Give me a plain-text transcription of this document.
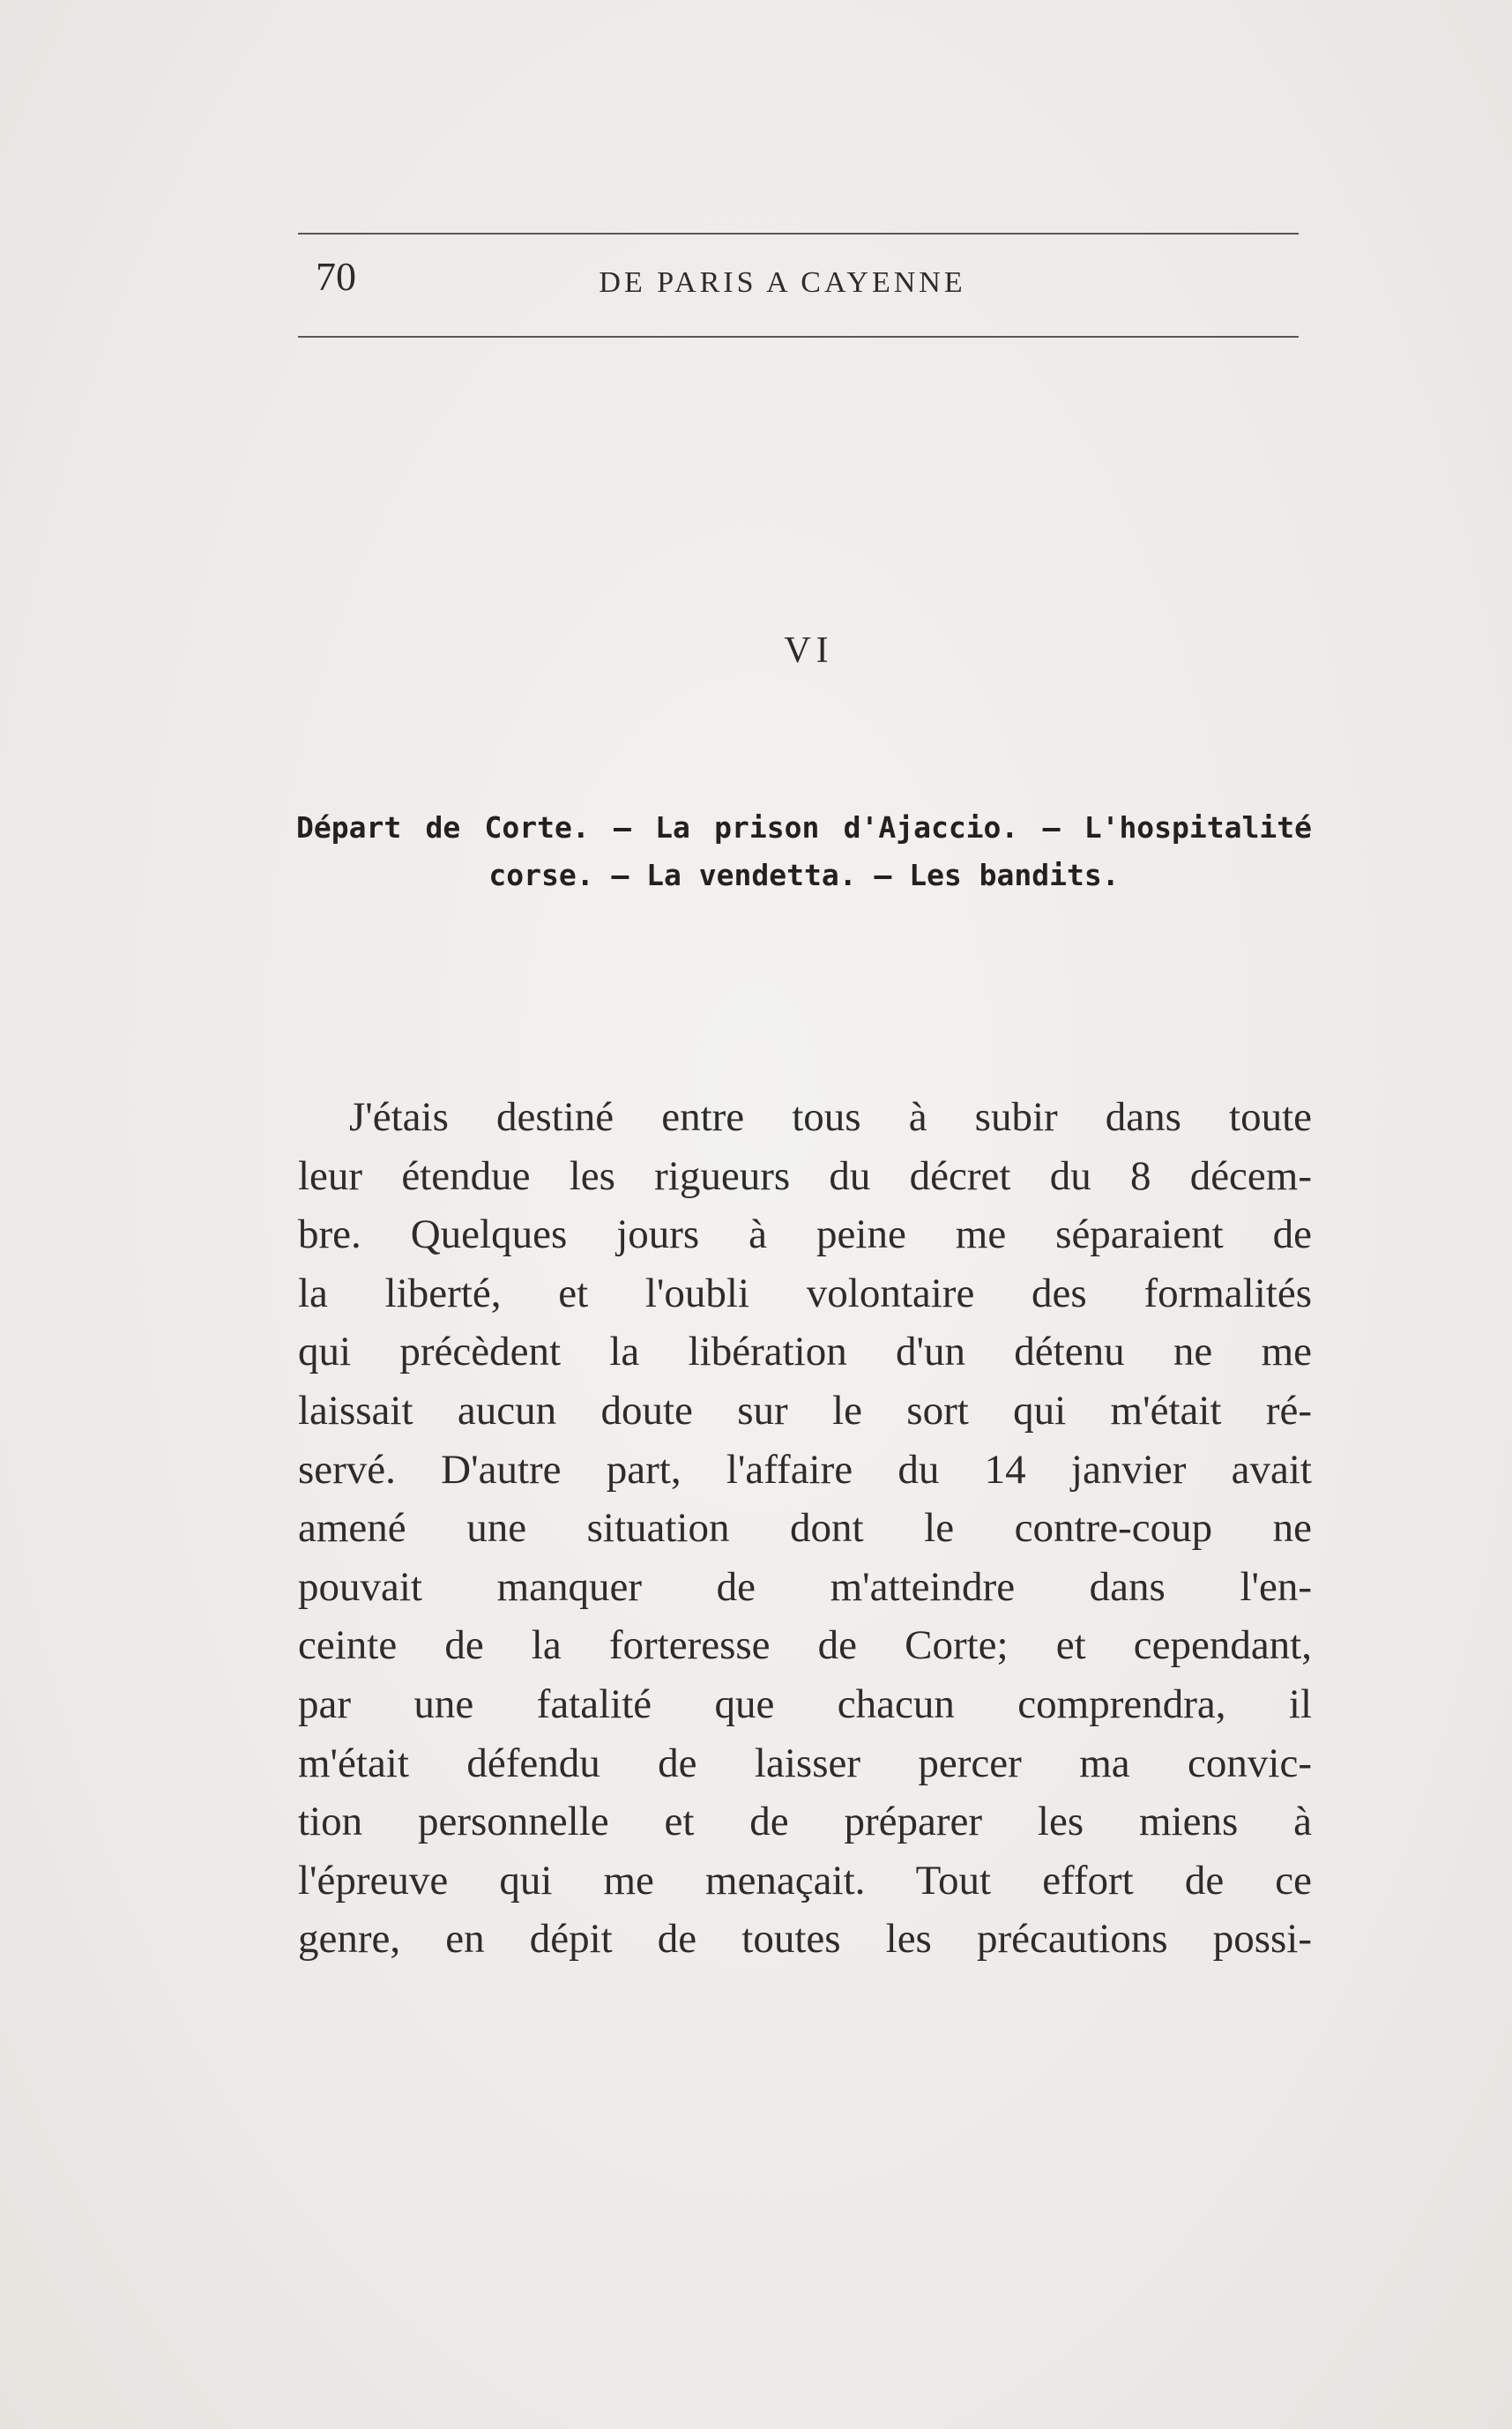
70	DE PARIS A CAYENNE
VI
Départ de Corte. — La prison d'Ajaccio. — L'hospitalité
corse. — La vendetta. — Les bandits.
J'étais destiné entre tous à subir dans toute
leur étendue les rigueurs du décret du 8 décem-
bre. Quelques jours à peine me séparaient de
la liberté, et l'oubli volontaire des formalités
qui précèdent la libération d'un détenu ne me
laissait aucun doute sur le sort qui m'était ré-
servé. D'autre part, l'affaire du 14 janvier avait
amené une situation dont le contre-coup ne
pouvait manquer de m'atteindre dans l'en-
ceinte de la forteresse de Corte; et cependant,
par une fatalité que chacun comprendra, il
m'était défendu de laisser percer ma convic-
tion personnelle et de préparer les miens à
l'épreuve qui me menaçait. Tout effort de ce
genre, en dépit de toutes les précautions possi-
